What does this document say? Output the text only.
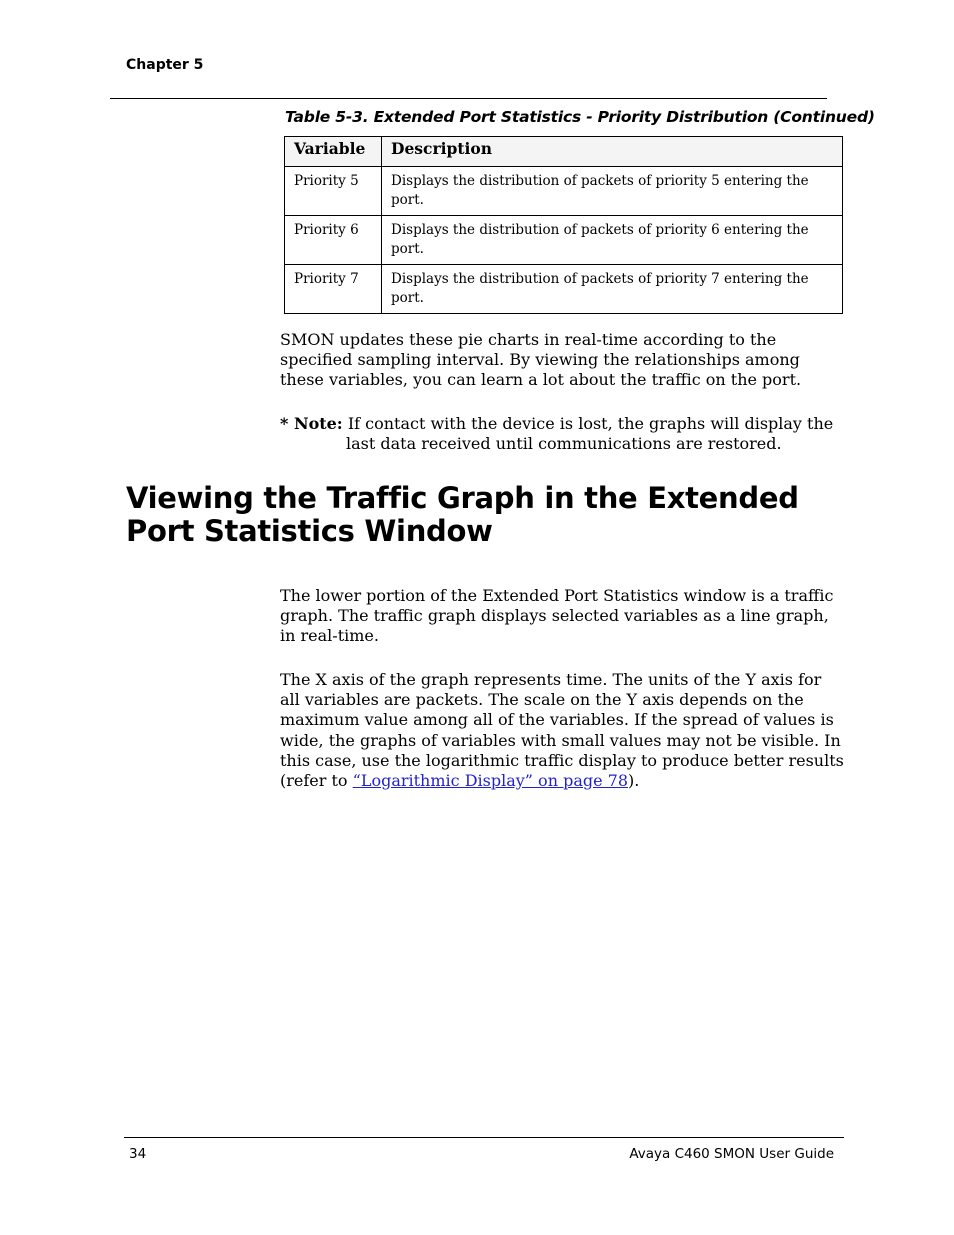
Chapter 5
Table 5-3. Extended Port Statistics - Priority Distribution (Continued)
Variable	Description
Priority 5	Displays the distribution of packets of priority 5 entering the port.
Priority 6	Displays the distribution of packets of priority 6 entering the port.
Priority 7	Displays the distribution of packets of priority 7 entering the port.
SMON updates these pie charts in real-time according to the specified sampling interval. By viewing the relationships among these variables, you can learn a lot about the traffic on the port.
* Note: If contact with the device is lost, the graphs will display the
last data received until communications are restored.
Viewing the Traffic Graph in the Extended Port Statistics Window
The lower portion of the Extended Port Statistics window is a traffic graph. The traffic graph displays selected variables as a line graph, in real-time.
The X axis of the graph represents time. The units of the Y axis for all variables are packets. The scale on the Y axis depends on the maximum value among all of the variables. If the spread of values is wide, the graphs of variables with small values may not be visible. In this case, use the logarithmic traffic display to produce better results (refer to “Logarithmic Display” on page 78).
34	Avaya C460 SMON User Guide
